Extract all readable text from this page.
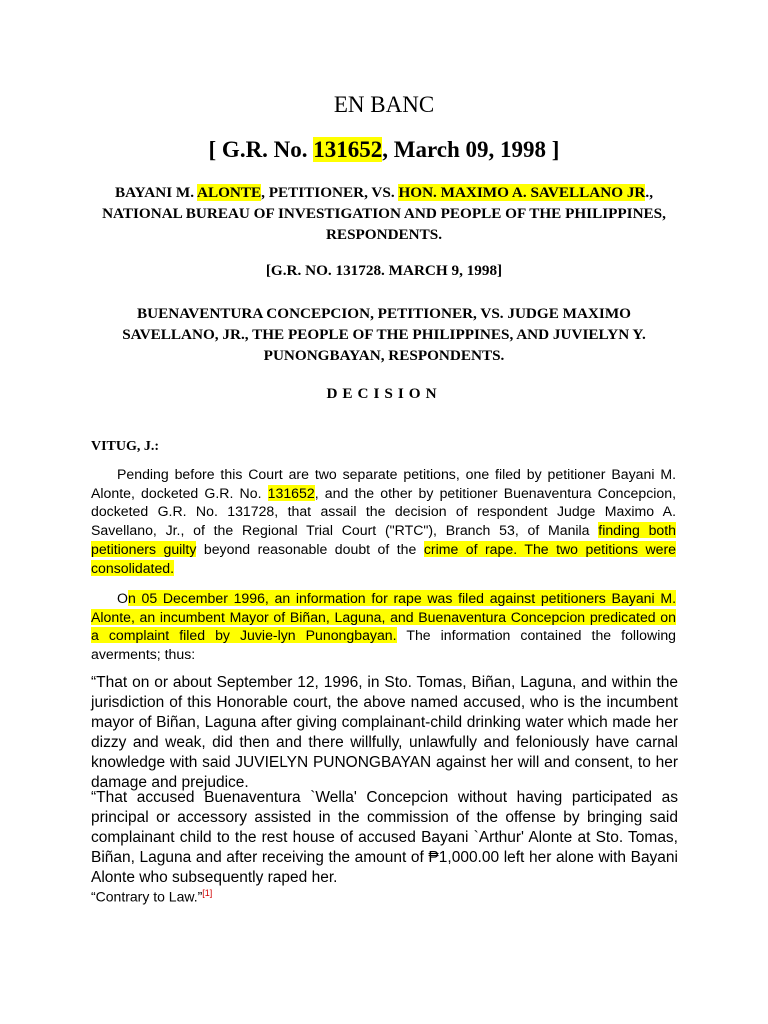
EN BANC
[ G.R. No. 131652, March 09, 1998 ]
BAYANI M. ALONTE, PETITIONER, VS. HON. MAXIMO A. SAVELLANO JR., NATIONAL BUREAU OF INVESTIGATION AND PEOPLE OF THE PHILIPPINES, RESPONDENTS.
[G.R. NO. 131728. MARCH 9, 1998]
BUENAVENTURA CONCEPCION, PETITIONER, VS. JUDGE MAXIMO SAVELLANO, JR., THE PEOPLE OF THE PHILIPPINES, AND JUVIELYN Y. PUNONGBAYAN, RESPONDENTS.
DECISION
VITUG, J.:
Pending before this Court are two separate petitions, one filed by petitioner Bayani M. Alonte, docketed G.R. No. 131652, and the other by petitioner Buenaventura Concepcion, docketed G.R. No. 131728, that assail the decision of respondent Judge Maximo A. Savellano, Jr., of the Regional Trial Court ("RTC"), Branch 53, of Manila finding both petitioners guilty beyond reasonable doubt of the crime of rape. The two petitions were consolidated.
On 05 December 1996, an information for rape was filed against petitioners Bayani M. Alonte, an incumbent Mayor of Biñan, Laguna, and Buenaventura Concepcion predicated on a complaint filed by Juvie-lyn Punongbayan. The information contained the following averments; thus:
“That on or about September 12, 1996, in Sto. Tomas, Biñan, Laguna, and within the jurisdiction of this Honorable court, the above named accused, who is the incumbent mayor of Biñan, Laguna after giving complainant-child drinking water which made her dizzy and weak, did then and there willfully, unlawfully and feloniously have carnal knowledge with said JUVIELYN PUNONGBAYAN against her will and consent, to her damage and prejudice.
“That accused Buenaventura `Wella' Concepcion without having participated as principal or accessory assisted in the commission of the offense by bringing said complainant child to the rest house of accused Bayani `Arthur' Alonte at Sto. Tomas, Biñan, Laguna and after receiving the amount of ₱1,000.00 left her alone with Bayani Alonte who subsequently raped her.
“Contrary to Law.”[1]
